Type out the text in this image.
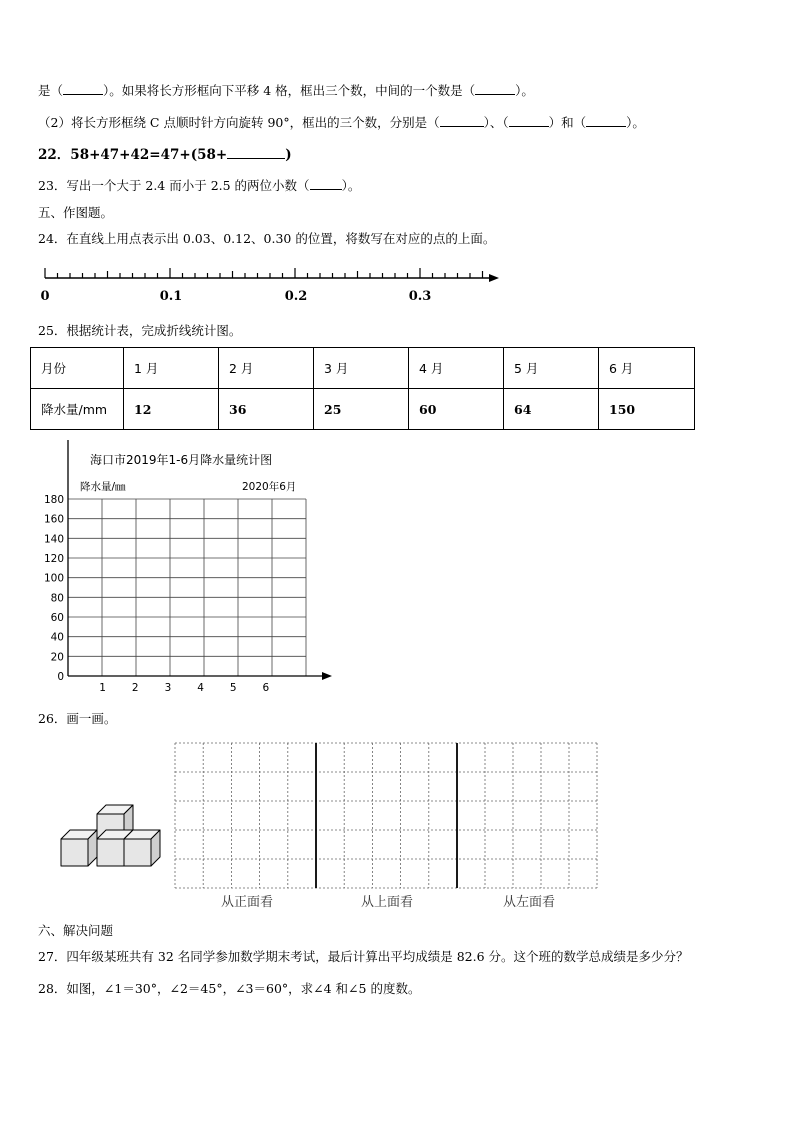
是（	）。如果将长方形框向下平移 4 格，框出三个数，中间的一个数是（	）。
（2）将长方形框绕 C 点顺时针方向旋转 90°，框出的三个数，分别是（	）、（	）和（	）。
22．58+47+42=47+(58+	)
23．写出一个大于 2.4 而小于 2.5 的两位小数（	）。
五、作图题。
24．在直线上用点表示出 0.03、0.12、0.30 的位置，将数写在对应的点的上面。
0	0.1	0.2	0.3
25．根据统计表，完成折线统计图。
月份	1 月	2 月	3 月	4 月	5 月	6 月
降水量/mm	12	36	25	60	64	150
海口市2019年1-6月降水量统计图
降水量/㎜	2020年6月
0
20
40
60
80
100
120
140
160
180
1 2 3 4 5 6
26．画一画。
从正面看	从上面看	从左面看
六、解决问题
27．四年级某班共有 32 名同学参加数学期末考试，最后计算出平均成绩是 82.6 分。这个班的数学总成绩是多少分？
28．如图，∠1＝30°，∠2＝45°，∠3＝60°，求∠4 和∠5 的度数。
